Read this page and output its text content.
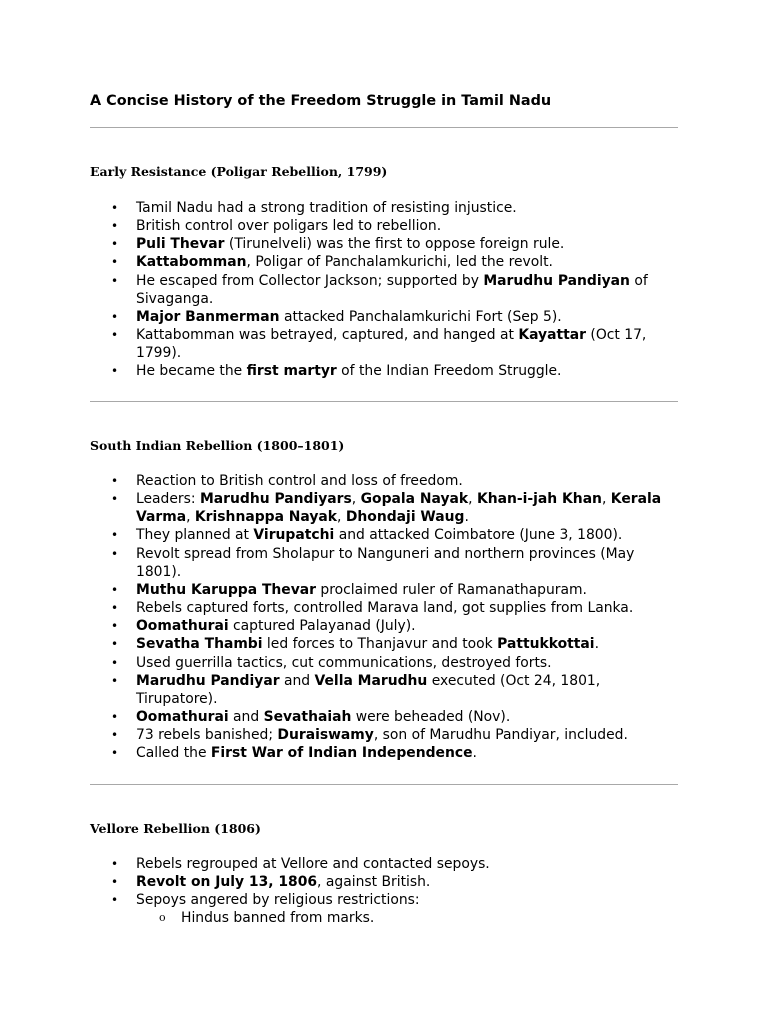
A Concise History of the Freedom Struggle in Tamil Nadu
Early Resistance (Poligar Rebellion, 1799)
• Tamil Nadu had a strong tradition of resisting injustice.
• British control over poligars led to rebellion.
• Puli Thevar (Tirunelveli) was the first to oppose foreign rule.
• Kattabomman, Poligar of Panchalamkurichi, led the revolt.
• He escaped from Collector Jackson; supported by Marudhu Pandiyan of Sivaganga.
• Major Banmerman attacked Panchalamkurichi Fort (Sep 5).
• Kattabomman was betrayed, captured, and hanged at Kayattar (Oct 17, 1799).
• He became the first martyr of the Indian Freedom Struggle.
South Indian Rebellion (1800–1801)
• Reaction to British control and loss of freedom.
• Leaders: Marudhu Pandiyars, Gopala Nayak, Khan-i-jah Khan, Kerala Varma, Krishnappa Nayak, Dhondaji Waug.
• They planned at Virupatchi and attacked Coimbatore (June 3, 1800).
• Revolt spread from Sholapur to Nanguneri and northern provinces (May 1801).
• Muthu Karuppa Thevar proclaimed ruler of Ramanathapuram.
• Rebels captured forts, controlled Marava land, got supplies from Lanka.
• Oomathurai captured Palayanad (July).
• Sevatha Thambi led forces to Thanjavur and took Pattukkottai.
• Used guerrilla tactics, cut communications, destroyed forts.
• Marudhu Pandiyar and Vella Marudhu executed (Oct 24, 1801, Tirupatore).
• Oomathurai and Sevathaiah were beheaded (Nov).
• 73 rebels banished; Duraiswamy, son of Marudhu Pandiyar, included.
• Called the First War of Indian Independence.
Vellore Rebellion (1806)
• Rebels regrouped at Vellore and contacted sepoys.
• Revolt on July 13, 1806, against British.
• Sepoys angered by religious restrictions:
o Hindus banned from marks.
